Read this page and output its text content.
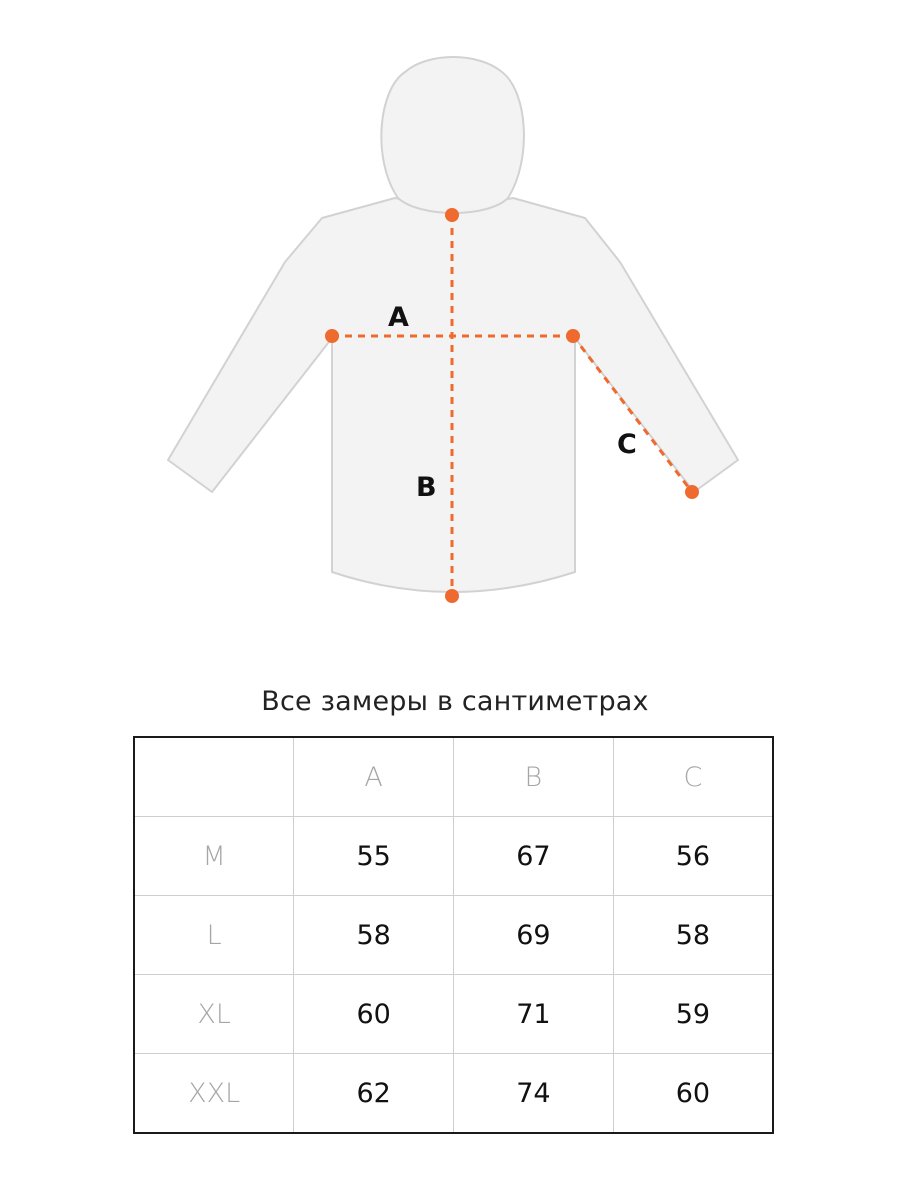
A
B
C
Все замеры в сантиметрах
	A	B	C
M	55	67	56
L	58	69	58
XL	60	71	59
XXL	62	74	60
